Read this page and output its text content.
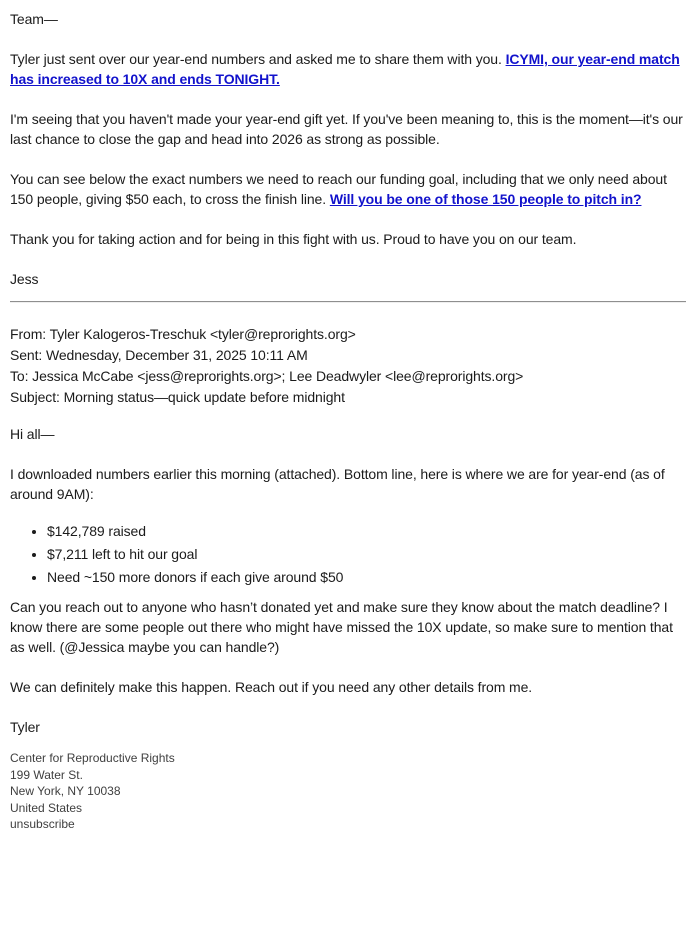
Team—

Tyler just sent over our year-end numbers and asked me to share them with you. ICYMI, our year-end match has increased to 10X and ends TONIGHT.

I'm seeing that you haven't made your year-end gift yet. If you've been meaning to, this is the moment—it's our last chance to close the gap and head into 2026 as strong as possible.

You can see below the exact numbers we need to reach our funding goal, including that we only need about 150 people, giving $50 each, to cross the finish line. Will you be one of those 150 people to pitch in?

Thank you for taking action and for being in this fight with us. Proud to have you on our team.

Jess

From: Tyler Kalogeros-Treschuk <tyler@reprorights.org>
Sent: Wednesday, December 31, 2025 10:11 AM
To: Jessica McCabe <jess@reprorights.org>; Lee Deadwyler <lee@reprorights.org>
Subject: Morning status—quick update before midnight

Hi all—

I downloaded numbers earlier this morning (attached). Bottom line, here is where we are for year-end (as of around 9AM):

• $142,789 raised
• $7,211 left to hit our goal
• Need ~150 more donors if each give around $50

Can you reach out to anyone who hasn’t donated yet and make sure they know about the match deadline? I know there are some people out there who might have missed the 10X update, so make sure to mention that as well. (@Jessica maybe you can handle?)

We can definitely make this happen. Reach out if you need any other details from me.

Tyler

Center for Reproductive Rights
199 Water St.
New York, NY 10038
United States
unsubscribe
